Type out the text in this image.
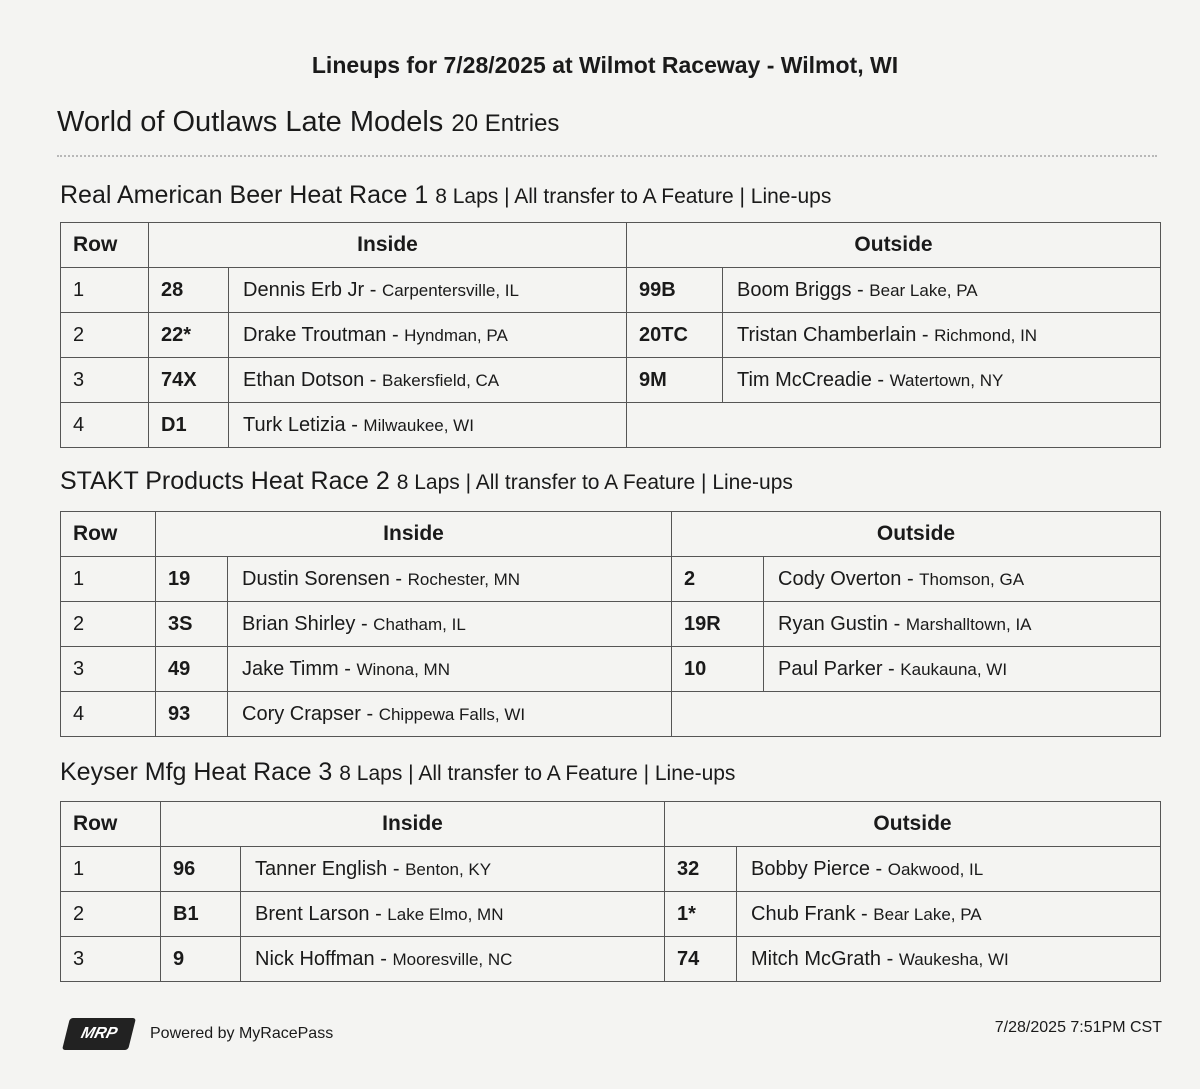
Lineups for 7/28/2025 at Wilmot Raceway - Wilmot, WI
World of Outlaws Late Models 20 Entries
Real American Beer Heat Race 1 8 Laps | All transfer to A Feature | Line-ups
Row	Inside		Outside	
1	28	Dennis Erb Jr - Carpentersville, IL	99B	Boom Briggs - Bear Lake, PA
2	22*	Drake Troutman - Hyndman, PA	20TC	Tristan Chamberlain - Richmond, IN
3	74X	Ethan Dotson - Bakersfield, CA	9M	Tim McCreadie - Watertown, NY
4	D1	Turk Letizia - Milwaukee, WI		
STAKT Products Heat Race 2 8 Laps | All transfer to A Feature | Line-ups
Row	Inside		Outside	
1	19	Dustin Sorensen - Rochester, MN	2	Cody Overton - Thomson, GA
2	3S	Brian Shirley - Chatham, IL	19R	Ryan Gustin - Marshalltown, IA
3	49	Jake Timm - Winona, MN	10	Paul Parker - Kaukauna, WI
4	93	Cory Crapser - Chippewa Falls, WI		
Keyser Mfg Heat Race 3 8 Laps | All transfer to A Feature | Line-ups
Row	Inside		Outside	
1	96	Tanner English - Benton, KY	32	Bobby Pierce - Oakwood, IL
2	B1	Brent Larson - Lake Elmo, MN	1*	Chub Frank - Bear Lake, PA
3	9	Nick Hoffman - Mooresville, NC	74	Mitch McGrath - Waukesha, WI
MRP	Powered by MyRacePass	7/28/2025 7:51PM CST
